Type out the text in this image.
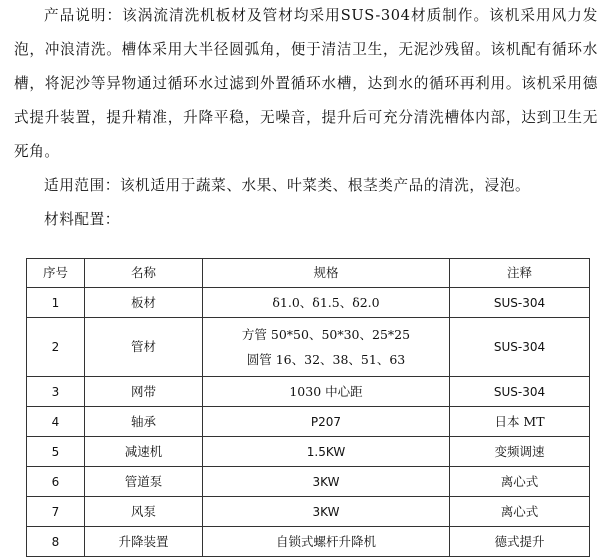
产品说明：该涡流清洗机板材及管材均采用SUS-304材质制作。该机采用风力发泡，冲浪清洗。槽体采用大半径圆弧角，便于清洁卫生，无泥沙残留。该机配有循环水槽，将泥沙等异物通过循环水过滤到外置循环水槽，达到水的循环再利用。该机采用德式提升装置，提升精准，升降平稳，无噪音，提升后可充分清洗槽体内部，达到卫生无死角。

适用范围：该机适用于蔬菜、水果、叶菜类、根茎类产品的清洗，浸泡。

材料配置：

序号	名称	规格	注释
1	板材	δ1.0、δ1.5、δ2.0	SUS-304
2	管材	方管 50*50、50*30、25*25
圆管 16、32、38、51、63	SUS-304
3	网带	1030 中心距	SUS-304
4	轴承	P207	日本 MT
5	减速机	1.5KW	变频调速
6	管道泵	3KW	离心式
7	风泵	3KW	离心式
8	升降装置	自锁式螺杆升降机	德式提升
